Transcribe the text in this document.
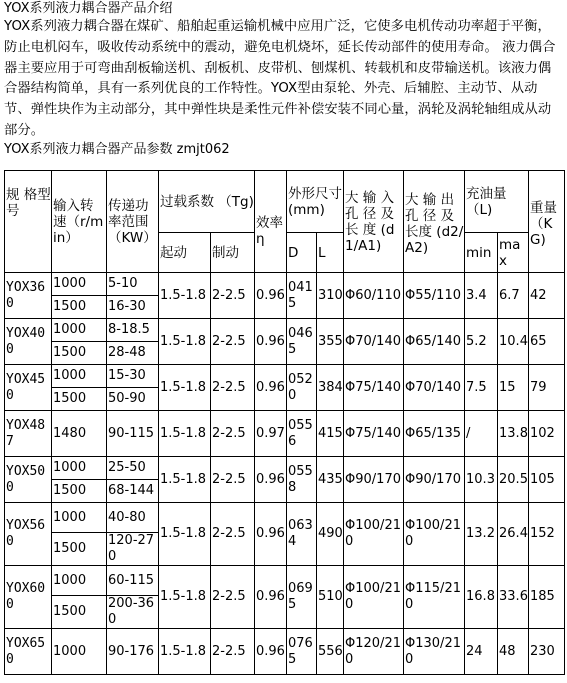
YOX系列液力耦合器产品介绍

YOX系列液力耦合器在煤矿、船舶起重运输机械中应用广泛，它使多电机传动功率超于平衡，防止电机闷车，吸收传动系统中的震动，避免电机烧坏，延长传动部件的使用寿命。 液力偶合器主要应用于可弯曲刮板输送机、刮板机、皮带机、刨煤机、转载机和皮带输送机。该液力偶合器结构简单，具有一系列优良的工作特性。YOX型由泵轮、外壳、后辅腔、主动节、从动节、弹性块作为主动部分，其中弹性块是柔性元件补偿安装不同心量，涡轮及涡轮轴组成从动部分。

YOX系列液力耦合器产品参数 zmjt062
规 格型号	输入转速（r/min）	传递功率范围（KW）	过载系数 （Tg)		效率η	外形尺寸 (mm)		大 输 入 孔 径 及 长 度 (d1/A1)	大 输 出 孔 径 及 长度 (d2/A2)	充油量 （L)		重量（KG)
			起动	制动		D	L			min	max	
YOX360	1000	5-10	1.5-1.8	2-2.5	0.96	0415	310	Φ60/110	Φ55/110	3.4	6.7	42
	1500	16-30										
YOX400	1000	8-18.5	1.5-1.8	2-2.5	0.96	0465	355	Φ70/140	Φ65/140	5.2	10.4	65
	1500	28-48										
YOX450	1000	15-30	1.5-1.8	2-2.5	0.96	0520	384	Φ75/140	Φ70/140	7.5	15	79
	1500	50-90										
YOX487	1480	90-115	1.5-1.8	2-2.5	0.97	0556	415	Φ75/140	Φ65/135	/	13.8	102
YOX500	1000	25-50	1.5-1.8	2-2.5	0.96	0558	435	Φ90/170	Φ90/170	10.3	20.5	105
	1500	68-144										
YOX560	1000	40-80	1.5-1.8	2-2.5	0.96	0634	490	Φ100/210	Φ100/210	13.2	26.4	152
	1500	120-270										
YOX600	1000	60-115	1.5-1.8	2-2.5	0.96	0695	510	Φ100/210	Φ115/210	16.8	33.6	185
	1500	200-360										
YOX650	1000	90-176	1.5-1.8	2-2.5	0.96	0765	556	Φ120/210	Φ130/210	24	48	230
